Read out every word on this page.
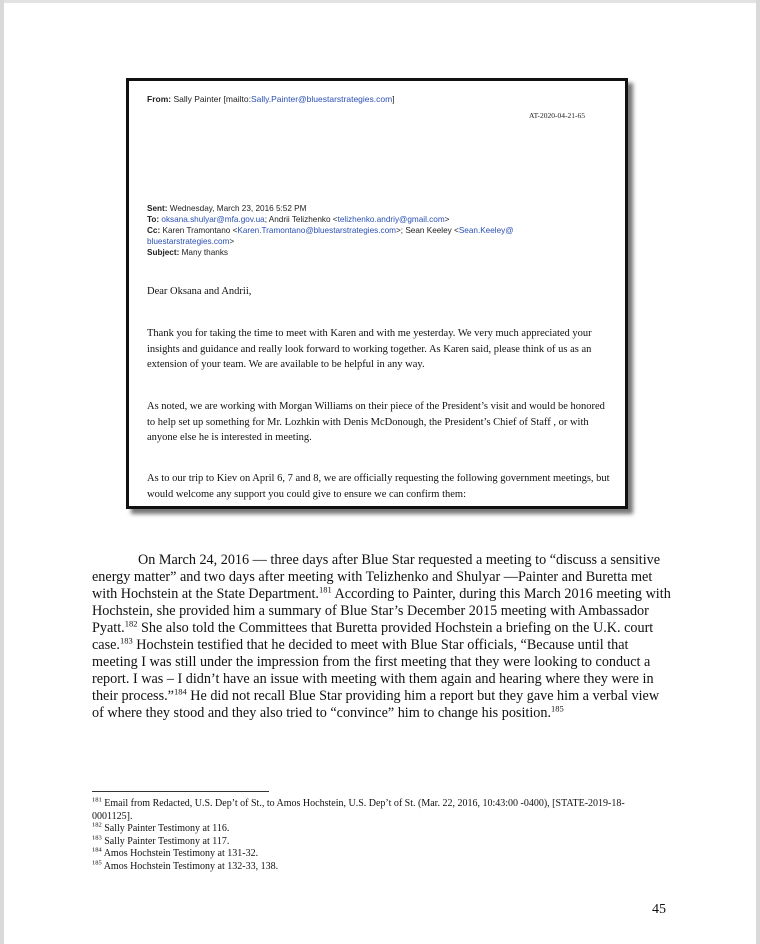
From: Sally Painter [mailto:Sally.Painter@bluestarstrategies.com]
AT-2020-04-21-65
Sent: Wednesday, March 23, 2016 5:52 PM
To: oksana.shulyar@mfa.gov.ua; Andrii Telizhenko <telizhenko.andriy@gmail.com>
Cc: Karen Tramontano <Karen.Tramontano@bluestarstrategies.com>; Sean Keeley <Sean.Keeley@
bluestarstrategies.com>
Subject: Many thanks
Dear Oksana and Andrii,
Thank you for taking the time to meet with Karen and with me yesterday. We very much appreciated your insights and guidance and really look forward to working together. As Karen said, please think of us as an extension of your team. We are available to be helpful in any way.
As noted, we are working with Morgan Williams on their piece of the President’s visit and would be honored to help set up something for Mr. Lozhkin with Denis McDonough, the President’s Chief of Staff , or with anyone else he is interested in meeting.
As to our trip to Kiev on April 6, 7 and 8, we are officially requesting the following government meetings, but would welcome any support you could give to ensure we can confirm them:

On March 24, 2016 — three days after Blue Star requested a meeting to “discuss a sensitive energy matter” and two days after meeting with Telizhenko and Shulyar —Painter and Buretta met with Hochstein at the State Department.$^{181}$ According to Painter, during this March 2016 meeting with Hochstein, she provided him a summary of Blue Star’s December 2015 meeting with Ambassador Pyatt.$^{182}$ She also told the Committees that Buretta provided Hochstein a briefing on the U.K. court case.$^{183}$ Hochstein testified that he decided to meet with Blue Star officials, “Because until that meeting I was still under the impression from the first meeting that they were looking to conduct a report. I was – I didn’t have an issue with meeting with them again and hearing where they were in their process.”$^{184}$ He did not recall Blue Star providing him a report but they gave him a verbal view of where they stood and they also tried to “convince” him to change his position.$^{185}$

$^{181}$ Email from Redacted, U.S. Dep’t of St., to Amos Hochstein, U.S. Dep’t of St. (Mar. 22, 2016, 10:43:00 -0400), [STATE-2019-18-0001125].
$^{182}$ Sally Painter Testimony at 116.
$^{183}$ Sally Painter Testimony at 117.
$^{184}$ Amos Hochstein Testimony at 131-32.
$^{185}$ Amos Hochstein Testimony at 132-33, 138.
45
